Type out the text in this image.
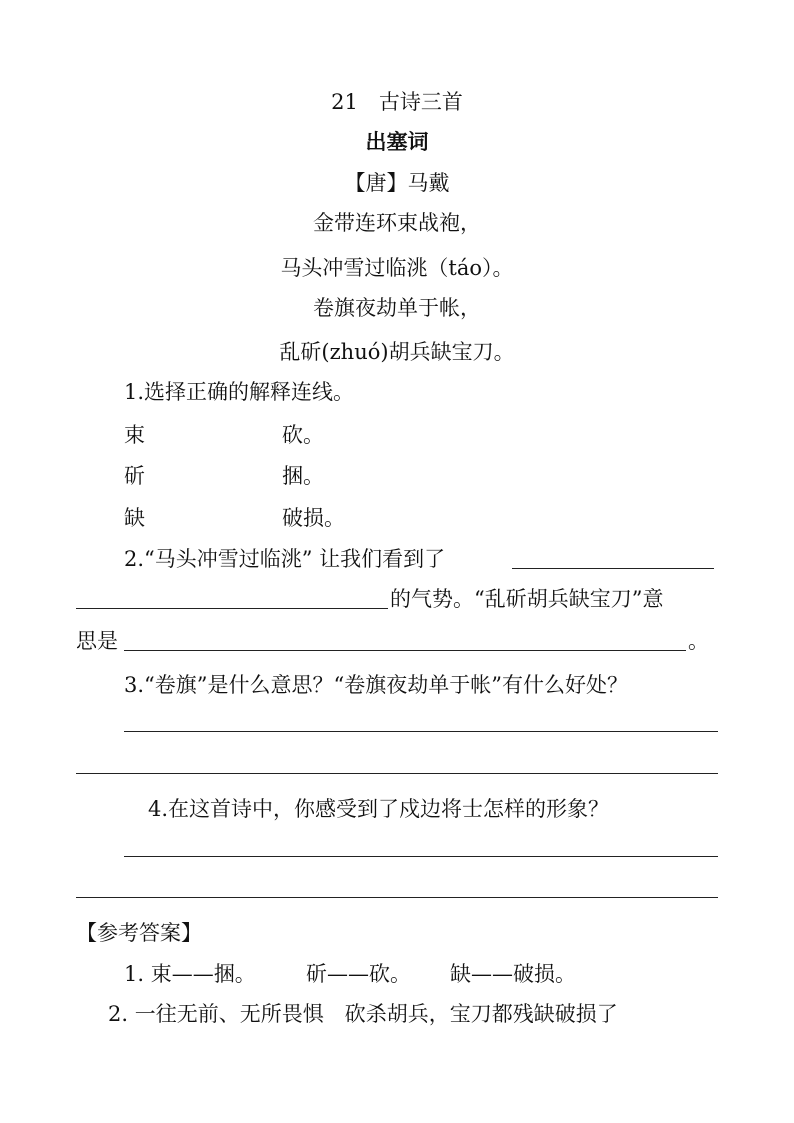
21　古诗三首
出塞词
【唐】马戴
金带连环束战袍，
马头冲雪过临洮（táo）。
卷旗夜劫单于帐，
乱斫(zhuó)胡兵缺宝刀。
1.选择正确的解释连线。
束	砍。
斫	捆。
缺	破损。
2.“马头冲雪过临洮” 让我们看到了
的气势。“乱斫胡兵缺宝刀”意
思是	。
3.“卷旗”是什么意思？“卷旗夜劫单于帐”有什么好处？
4.在这首诗中，你感受到了戍边将士怎样的形象？
【参考答案】
1. 束——捆。 斫——砍。 缺——破损。
2. 一往无前、无所畏惧　砍杀胡兵，宝刀都残缺破损了
